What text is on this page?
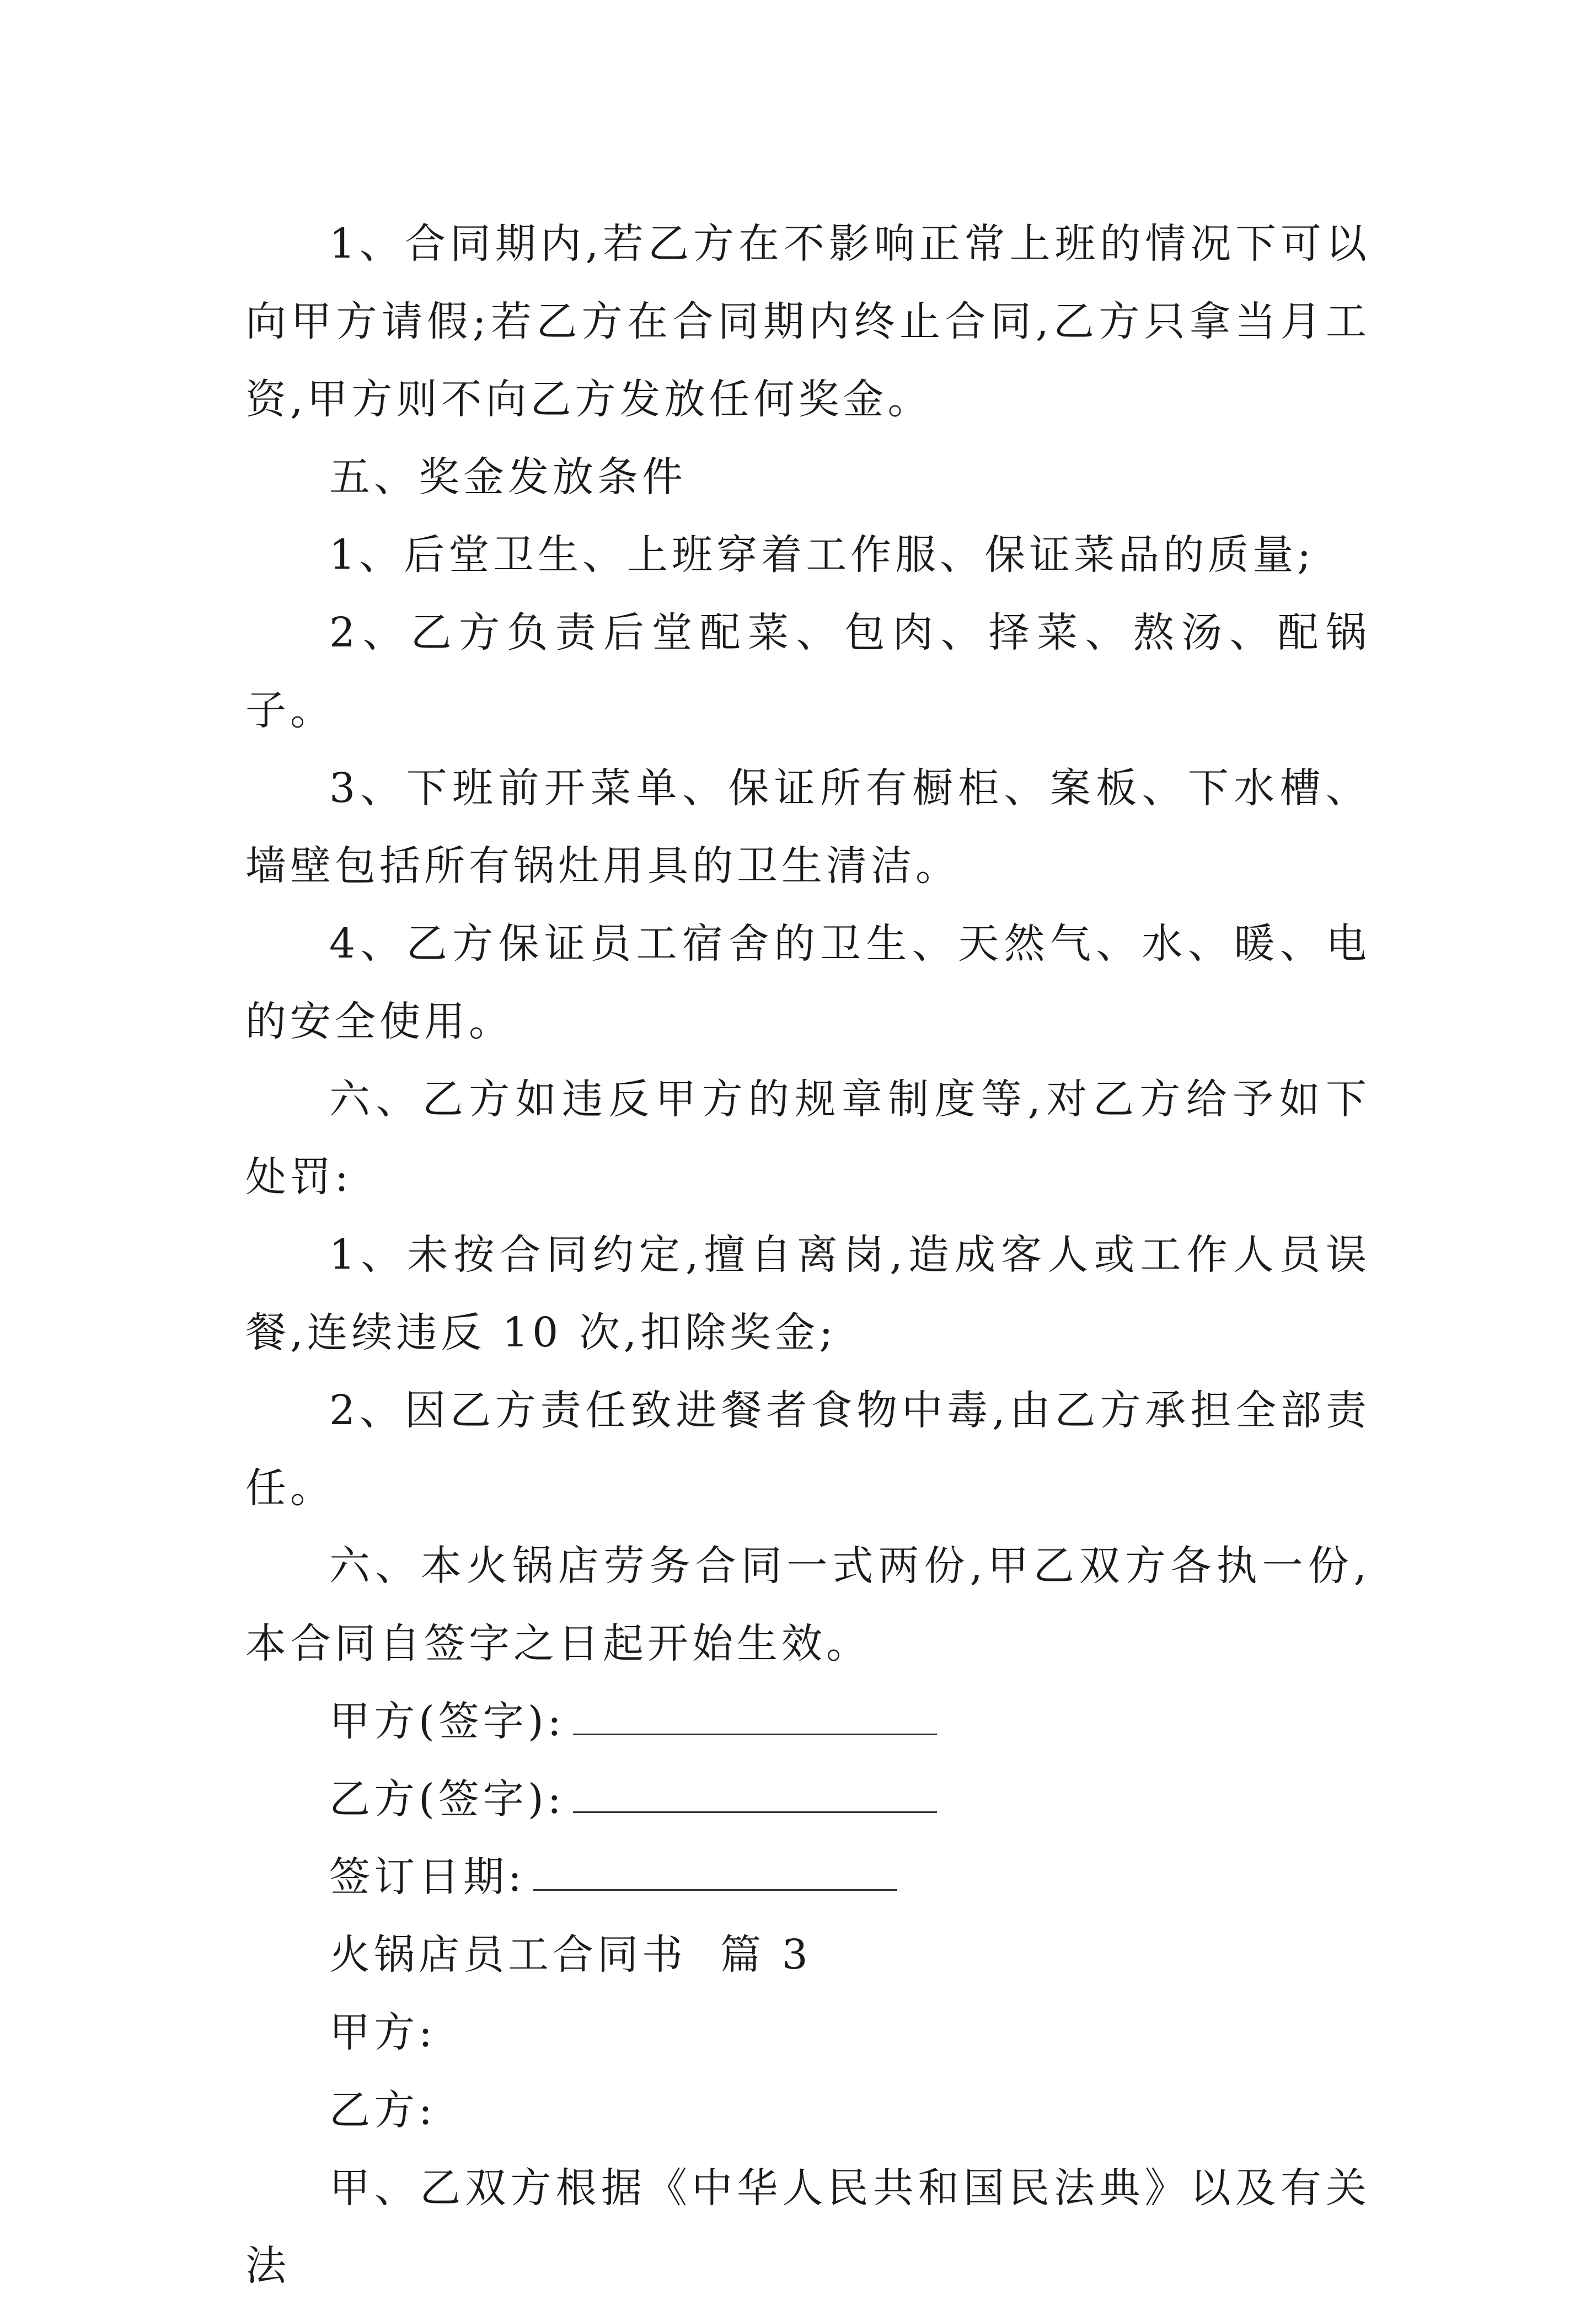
1、合同期内,若乙方在不影响正常上班的情况下可以向甲方请假;若乙方在合同期内终止合同,乙方只拿当月工资,甲方则不向乙方发放任何奖金。

五、奖金发放条件

1、后堂卫生、上班穿着工作服、保证菜品的质量;

2、乙方负责后堂配菜、包肉、择菜、熬汤、配锅子。

3、下班前开菜单、保证所有橱柜、案板、下水槽、墙壁包括所有锅灶用具的卫生清洁。

4、乙方保证员工宿舍的卫生、天然气、水、暖、电的安全使用。

六、乙方如违反甲方的规章制度等,对乙方给予如下处罚:

1、未按合同约定,擅自离岗,造成客人或工作人员误餐,连续违反 10 次,扣除奖金;

2、因乙方责任致进餐者食物中毒,由乙方承担全部责任。

六、本火锅店劳务合同一式两份,甲乙双方各执一份,本合同自签字之日起开始生效。

甲方(签字):

乙方(签字):

签订日期:

火锅店员工合同书  篇 3

甲方:

乙方:

甲、乙双方根据《中华人民共和国民法典》以及有关法
